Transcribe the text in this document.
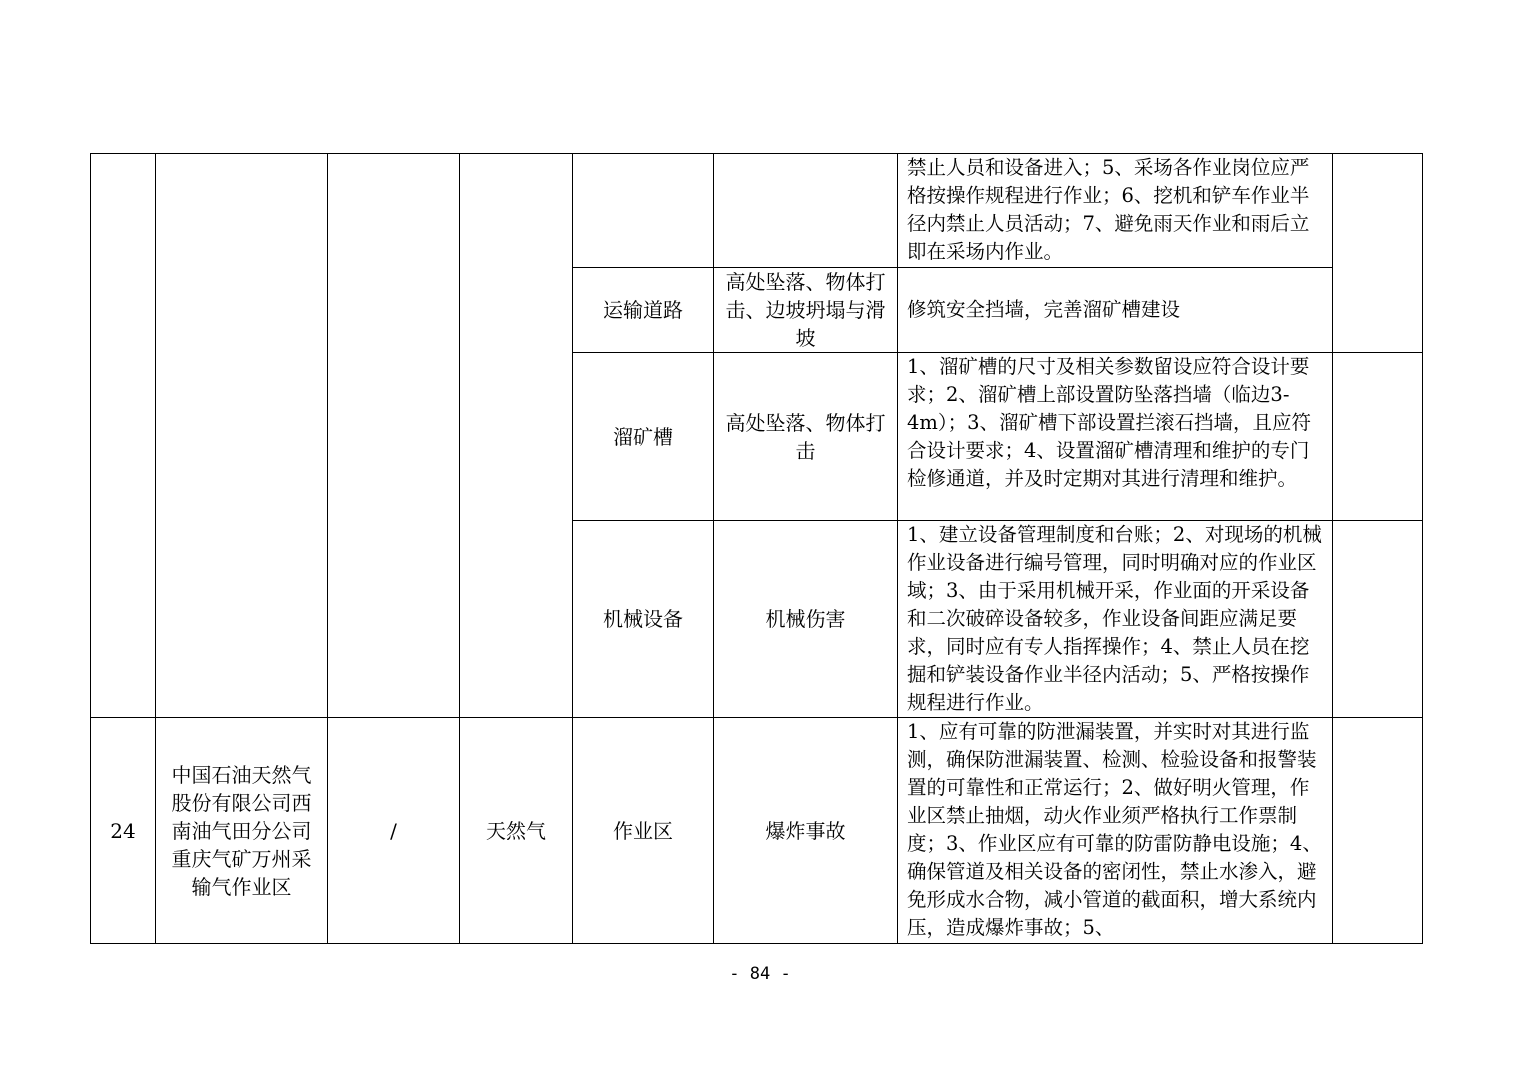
						禁止人员和设备进入；5、采场各作业岗位应严格按操作规程进行作业；6、挖机和铲车作业半径内禁止人员活动；7、避免雨天作业和雨后立即在采场内作业。	

				运输道路	高处坠落、物体打击、边坡坍塌与滑坡	修筑安全挡墙，完善溜矿槽建设	

				溜矿槽	高处坠落、物体打击	1、溜矿槽的尺寸及相关参数留设应符合设计要求；2、溜矿槽上部设置防坠落挡墙（临边3-4m）；3、溜矿槽下部设置拦滚石挡墙，且应符合设计要求；4、设置溜矿槽清理和维护的专门检修通道，并及时定期对其进行清理和维护。	

				机械设备	机械伤害	1、建立设备管理制度和台账；2、对现场的机械作业设备进行编号管理，同时明确对应的作业区域；3、由于采用机械开采，作业面的开采设备和二次破碎设备较多，作业设备间距应满足要求，同时应有专人指挥操作；4、禁止人员在挖掘和铲装设备作业半径内活动；5、严格按操作规程进行作业。	
24	中国石油天然气股份有限公司西南油气田分公司重庆气矿万州采输气作业区	/	天然气	作业区	爆炸事故	1、应有可靠的防泄漏装置，并实时对其进行监测，确保防泄漏装置、检测、检验设备和报警装置的可靠性和正常运行；2、做好明火管理，作业区禁止抽烟，动火作业须严格执行工作票制度；3、作业区应有可靠的防雷防静电设施；4、确保管道及相关设备的密闭性，禁止水渗入，避免形成水合物，减小管道的截面积，增大系统内压，造成爆炸事故；5、	
- 84 -
